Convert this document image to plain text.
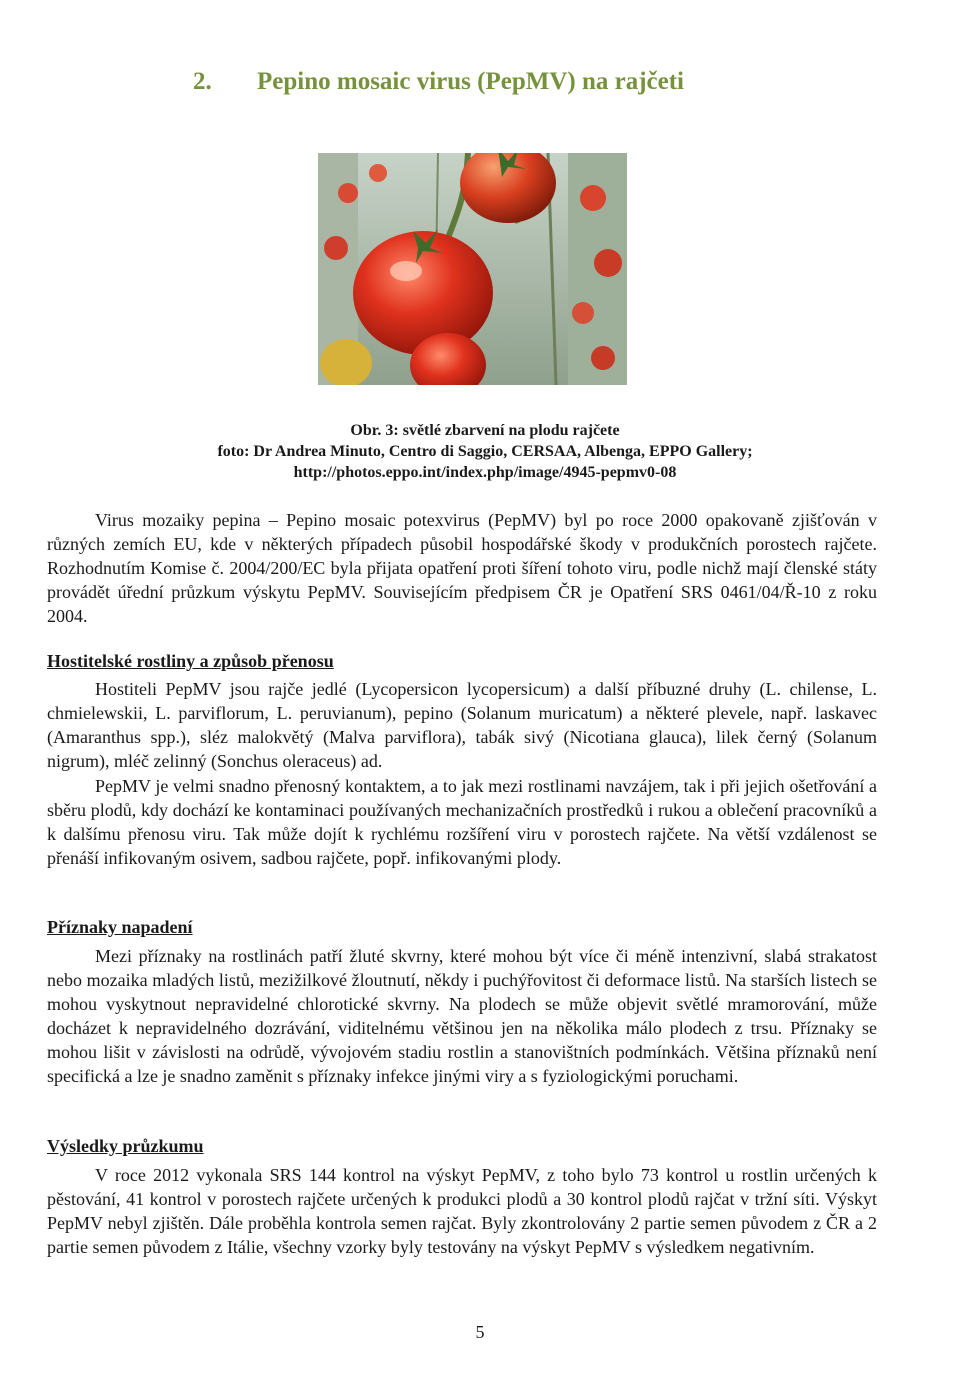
2. Pepino mosaic virus (PepMV) na rajčeti
Obr. 3: světlé zbarvení na plodu rajčete
foto: Dr Andrea Minuto, Centro di Saggio, CERSAA, Albenga, EPPO Gallery;
http://photos.eppo.int/index.php/image/4945-pepmv0-08

Virus mozaiky pepina – Pepino mosaic potexvirus (PepMV) byl po roce 2000 opakovaně zjišťován v různých zemích EU, kde v některých případech působil hospodářské škody v produkčních porostech rajčete. Rozhodnutím Komise č. 2004/200/EC byla přijata opatření proti šíření tohoto viru, podle nichž mají členské státy provádět úřední průzkum výskytu PepMV. Souvisejícím předpisem ČR je Opatření SRS 0461/04/Ř-10 z roku 2004.

Hostitelské rostliny a způsob přenosu

Hostiteli PepMV jsou rajče jedlé (Lycopersicon lycopersicum) a další příbuzné druhy (L. chilense, L. chmielewskii, L. parviflorum, L. peruvianum), pepino (Solanum muricatum) a některé plevele, např. laskavec (Amaranthus spp.), sléz malokvětý (Malva parviflora), tabák sivý (Nicotiana glauca), lilek černý (Solanum nigrum), mléč zelinný (Sonchus oleraceus) ad.

PepMV je velmi snadno přenosný kontaktem, a to jak mezi rostlinami navzájem, tak i při jejich ošetřování a sběru plodů, kdy dochází ke kontaminaci používaných mechanizačních prostředků i rukou a oblečení pracovníků a k dalšímu přenosu viru. Tak může dojít k rychlému rozšíření viru v porostech rajčete. Na větší vzdálenost se přenáší infikovaným osivem, sadbou rajčete, popř. infikovanými plody.

Příznaky napadení

Mezi příznaky na rostlinách patří žluté skvrny, které mohou být více či méně intenzivní, slabá strakatost nebo mozaika mladých listů, mezižilkové žloutnutí, někdy i puchýřovitost či deformace listů. Na starších listech se mohou vyskytnout nepravidelné chlorotické skvrny. Na plodech se může objevit světlé mramorování, může docházet k nepravidelného dozrávání, viditelnému většinou jen na několika málo plodech z trsu. Příznaky se mohou lišit v závislosti na odrůdě, vývojovém stadiu rostlin a stanovištních podmínkách. Většina příznaků není specifická a lze je snadno zaměnit s příznaky infekce jinými viry a s fyziologickými poruchami.

Výsledky průzkumu

V roce 2012 vykonala SRS 144 kontrol na výskyt PepMV, z toho bylo 73 kontrol u rostlin určených k pěstování, 41 kontrol v porostech rajčete určených k produkci plodů a 30 kontrol plodů rajčat v tržní síti. Výskyt PepMV nebyl zjištěn. Dále proběhla kontrola semen rajčat. Byly zkontrolovány 2 partie semen původem z ČR a 2 partie semen původem z Itálie, všechny vzorky byly testovány na výskyt PepMV s výsledkem negativním.

5
